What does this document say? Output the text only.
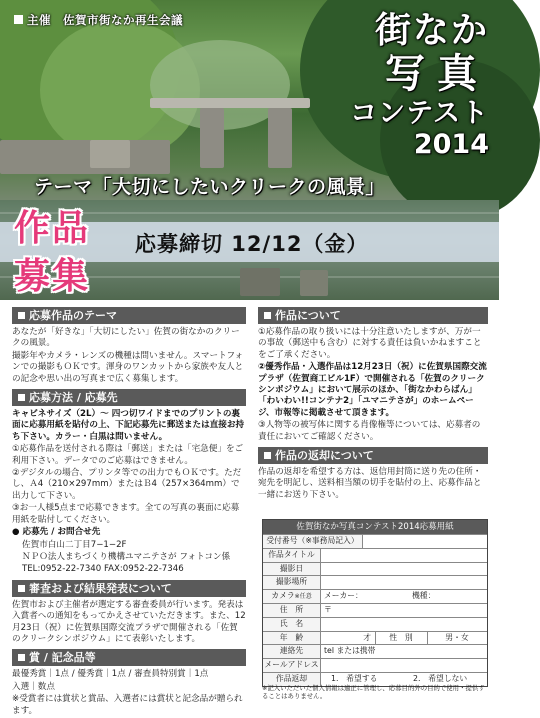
主催　佐賀市街なか再生会議	街なか
写真
コンテスト
2014
テーマ「大切にしたいクリークの風景」
応募締切 12/12（金）
作品
募集
応募作品のテーマ

あなたが「好きな」「大切にしたい」佐賀の街なかのクリークの風景。

撮影年やカメラ・レンズの機種は問いません。スマートフォンでの撮影もＯＫです。渾身のワンカットから家族や友人との記念や思い出の写真まで広く募集します。

応募方法 / 応募先

キャビネサイズ（2L）～ 四つ切ワイドまでのプリントの裏面に応募用紙を貼付の上、下記応募先に郵送または直接お持ち下さい。カラー・白黒は問いません。

①応募作品を送付される際は「郵送」または「宅急便」をご利用下さい。データでのご応募はできません。

②デジタルの場合、プリンタ等での出力でもＯＫです。ただし、Ａ4（210×297mm）またはＢ4（257×364mm）で出力して下さい。

③お一人様5点まで応募できます。全ての写真の裏面に応募用紙を貼付してください。

● 応募先 / お問合せ先

佐賀市白山二丁目7−1−2F

ＮＰＯ法人まちづくり機構ユマニテさが フォトコン係

TEL:0952-22-7340 FAX:0952-22-7346

審査および結果発表について

佐賀市および主催者が選定する審査委員が行います。発表は入賞者への通知をもってかえさせていただきます。また、12月23日（祝）に佐賀県国際交流プラザで開催される「佐賀のクリークシンポジウム」にて表彰いたします。

賞 / 記念品等

最優秀賞｜1点 / 優秀賞｜1点 / 審査員特別賞｜1点

入選｜数点

※受賞者には賞状と賞品、入選者には賞状と記念品が贈られます。

作品について

①応募作品の取り扱いには十分注意いたしますが、万が一の事故（郵送中も含む）に対する責任は負いかねますことをご了承ください。

②優秀作品・入選作品は12月23日（祝）に佐賀県国際交流プラザ（佐賀商工ビル1F）で開催される「佐賀のクリークシンポジウム」において展示のほか、「街なかわらばん」「わいわい!!コンテナ2」「ユマニテさが」のホームページ、市報等に掲載させて頂きます。

③人物等の被写体に関する肖像権等については、応募者の責任においてご確認ください。

作品の返却について

作品の返却を希望する方は、返信用封筒に送り先の住所・宛先を明記し、送料相当額の切手を貼付の上、応募作品と一緒にお送り下さい。

佐賀街なか写真コンテスト2014応募用紙
受付番号（※事務局記入）
作品タイトル
撮影日
撮影場所
カメラ※任意	メーカー：	機種：
住　所	〒
氏　名
年　齢	才	性　別	男・女
連絡先	tel または携帯
メールアドレス
作品返却	1.　希望する	2.　希望しない
※記入いただいた個人情報は適正に管理し、応募目的外の目的で使用・提供することはありません。
